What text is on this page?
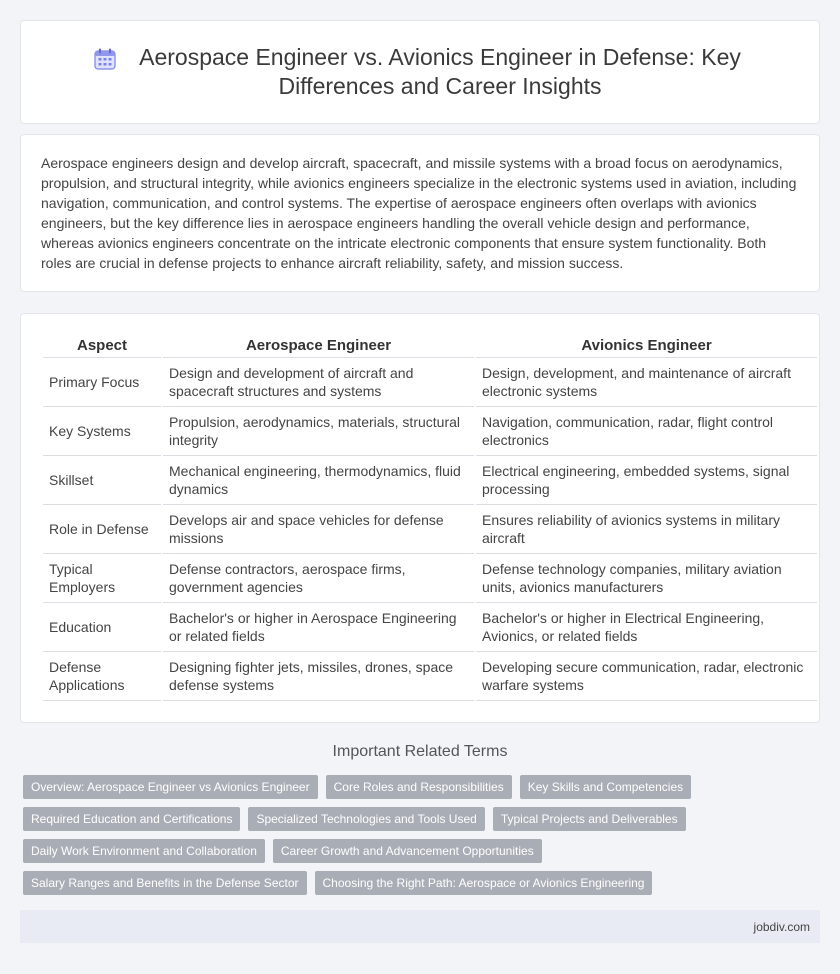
Aerospace Engineer vs. Avionics Engineer in Defense: Key Differences and Career Insights

Aerospace engineers design and develop aircraft, spacecraft, and missile systems with a broad focus on aerodynamics, propulsion, and structural integrity, while avionics engineers specialize in the electronic systems used in aviation, including navigation, communication, and control systems. The expertise of aerospace engineers often overlaps with avionics engineers, but the key difference lies in aerospace engineers handling the overall vehicle design and performance, whereas avionics engineers concentrate on the intricate electronic components that ensure system functionality. Both roles are crucial in defense projects to enhance aircraft reliability, safety, and mission success.

Aspect	Aerospace Engineer	Avionics Engineer
Primary Focus	Design and development of aircraft and spacecraft structures and systems	Design, development, and maintenance of aircraft electronic systems
Key Systems	Propulsion, aerodynamics, materials, structural integrity	Navigation, communication, radar, flight control electronics
Skillset	Mechanical engineering, thermodynamics, fluid dynamics	Electrical engineering, embedded systems, signal processing
Role in Defense	Develops air and space vehicles for defense missions	Ensures reliability of avionics systems in military aircraft
Typical Employers	Defense contractors, aerospace firms, government agencies	Defense technology companies, military aviation units, avionics manufacturers
Education	Bachelor's or higher in Aerospace Engineering or related fields	Bachelor's or higher in Electrical Engineering, Avionics, or related fields
Defense Applications	Designing fighter jets, missiles, drones, space defense systems	Developing secure communication, radar, electronic warfare systems
Important Related Terms
Overview: Aerospace Engineer vs Avionics Engineer	Core Roles and Responsibilities	Key Skills and Competencies
Required Education and Certifications	Specialized Technologies and Tools Used	Typical Projects and Deliverables
Daily Work Environment and Collaboration	Career Growth and Advancement Opportunities
Salary Ranges and Benefits in the Defense Sector	Choosing the Right Path: Aerospace or Avionics Engineering
jobdiv.com
